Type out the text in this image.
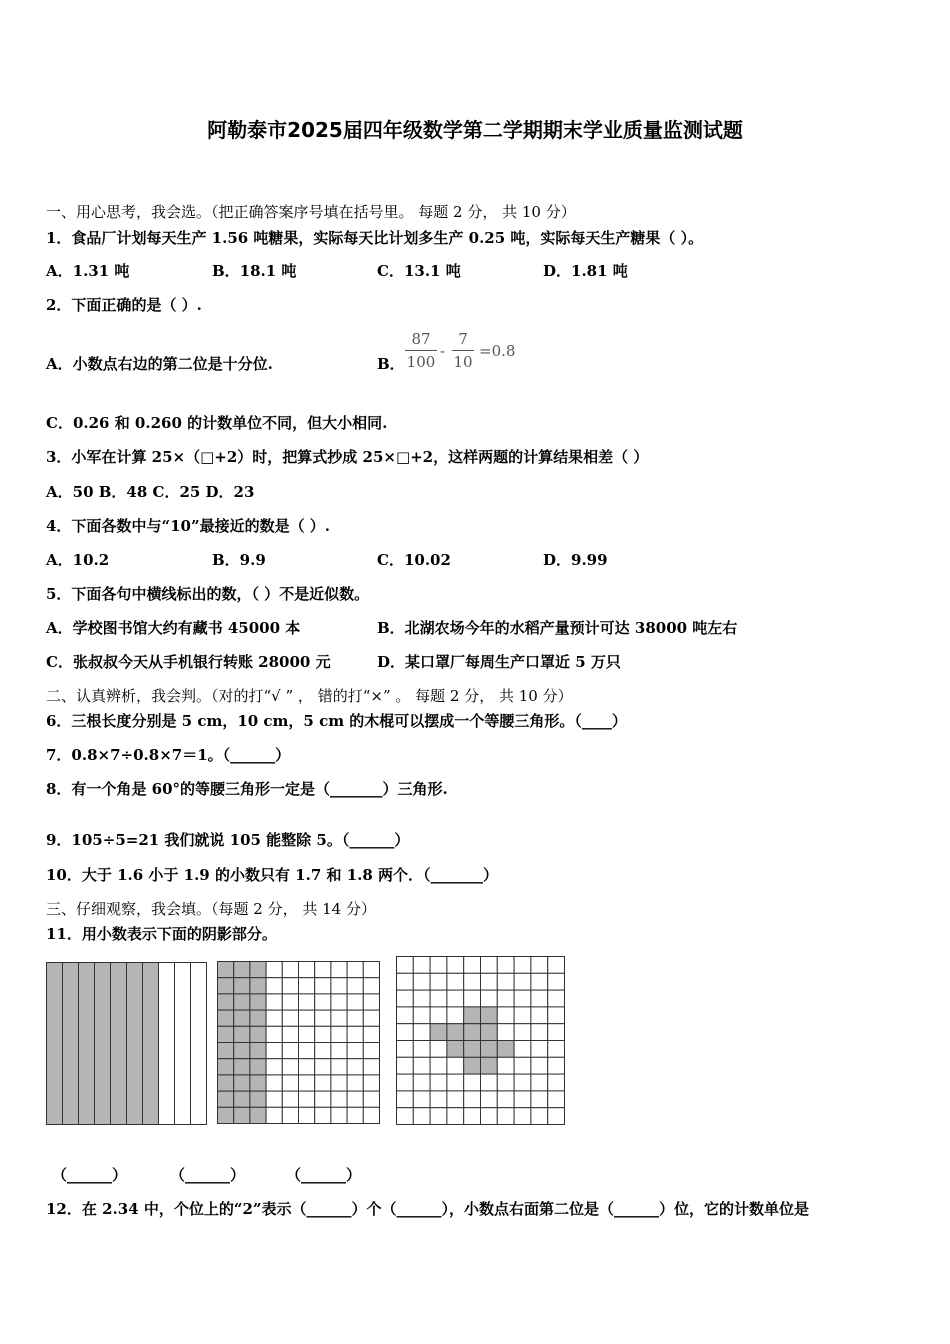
阿勒泰市2025届四年级数学第二学期期末学业质量监测试题
一、用心思考，我会选。（把正确答案序号填在括号里。 每题 2 分， 共 10 分）
1．食品厂计划每天生产 1.56 吨糖果，实际每天比计划多生产 0.25 吨，实际每天生产糖果（ ）。
A．1.31 吨	B．18.1 吨	C．13.1 吨	D．1.81 吨
2．下面正确的是（ ）.
A．小数点右边的第二位是十分位.	B． $\frac{87}{100} - \frac{7}{10} =0.8$
C．0.26 和 0.260 的计数单位不同，但大小相同.
3．小军在计算 25×（□+2）时，把算式抄成 25×□+2，这样两题的计算结果相差（ ）
A．50 B．48 C．25 D．23
4．下面各数中与“10”最接近的数是（ ）.
A．10.2	B．9.9	C．10.02	D．9.99
5．下面各句中横线标出的数，（ ）不是近似数。
A．学校图书馆大约有藏书 45000 本	B．北湖农场今年的水稻产量预计可达 38000 吨左右
C．张叔叔今天从手机银行转账 28000 元	D．某口罩厂每周生产口罩近 5 万只
二、认真辨析，我会判。（对的打“√ ” ， 错的打“×” 。 每题 2 分， 共 10 分）
6．三根长度分别是 5 cm，10 cm，5 cm 的木棍可以摆成一个等腰三角形。（____）
7．0.8×7÷0.8×7＝1。（______）
8．有一个角是 60°的等腰三角形一定是（_______）三角形.
9．105÷5=21 我们就说 105 能整除 5。（______）
10．大于 1.6 小于 1.9 的小数只有 1.7 和 1.8 两个．（_______）
三、仔细观察，我会填。（每题 2 分， 共 14 分）
11．用小数表示下面的阴影部分。
（______）	（______）	（______）
12．在 2.34 中，个位上的“2”表示（______）个（______），小数点右面第二位是（______）位，它的计数单位是
